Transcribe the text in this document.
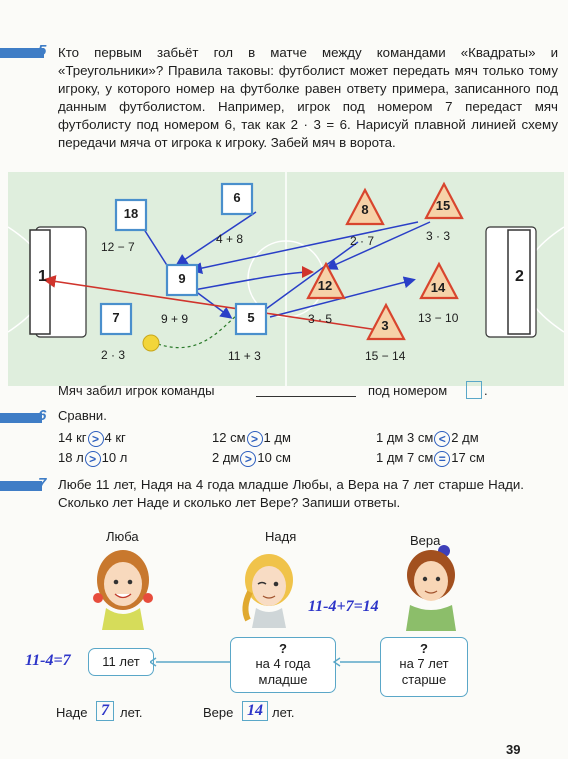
5 Кто первым забьёт гол в матче между командами «Квадраты» и «Треугольники»? Правила таковы: футболист может передать мяч только тому игроку, у которого номер на футболке равен ответу примера, записанного под данным футболистом. Например, игрок под номером 7 передаст мяч футболисту под номером 6, так как 2 · 3 = 6. Нарисуй плавной линией схему передачи мяча от игрока к игроку. Забей мяч в ворота.
1	2
18
12 − 7
6
4 + 8
9
9 + 9
7
2 · 3
5
11 + 3
8
2 · 7
15
3 · 3
12
3 · 5
14
13 − 10
3
15 − 14
Мяч забил игрок команды	под номером	.
6 Сравни.
14 кг > 4 кг	12 см > 1 дм	1 дм 3 см < 2 дм
18 л > 10 л	2 дм > 10 см	1 дм 7 см = 17 см
7 Любе 11 лет, Надя на 4 года младше Любы, а Вера на 7 лет старше Нади. Сколько лет Наде и сколько лет Вере? Запиши ответы.
Люба	Надя	Вера
11-4+7=14
11-4=7	11 лет
?
на 4 года младше
?
на 7 лет старше
Наде 7 лет.	Вере 14 лет.
39
